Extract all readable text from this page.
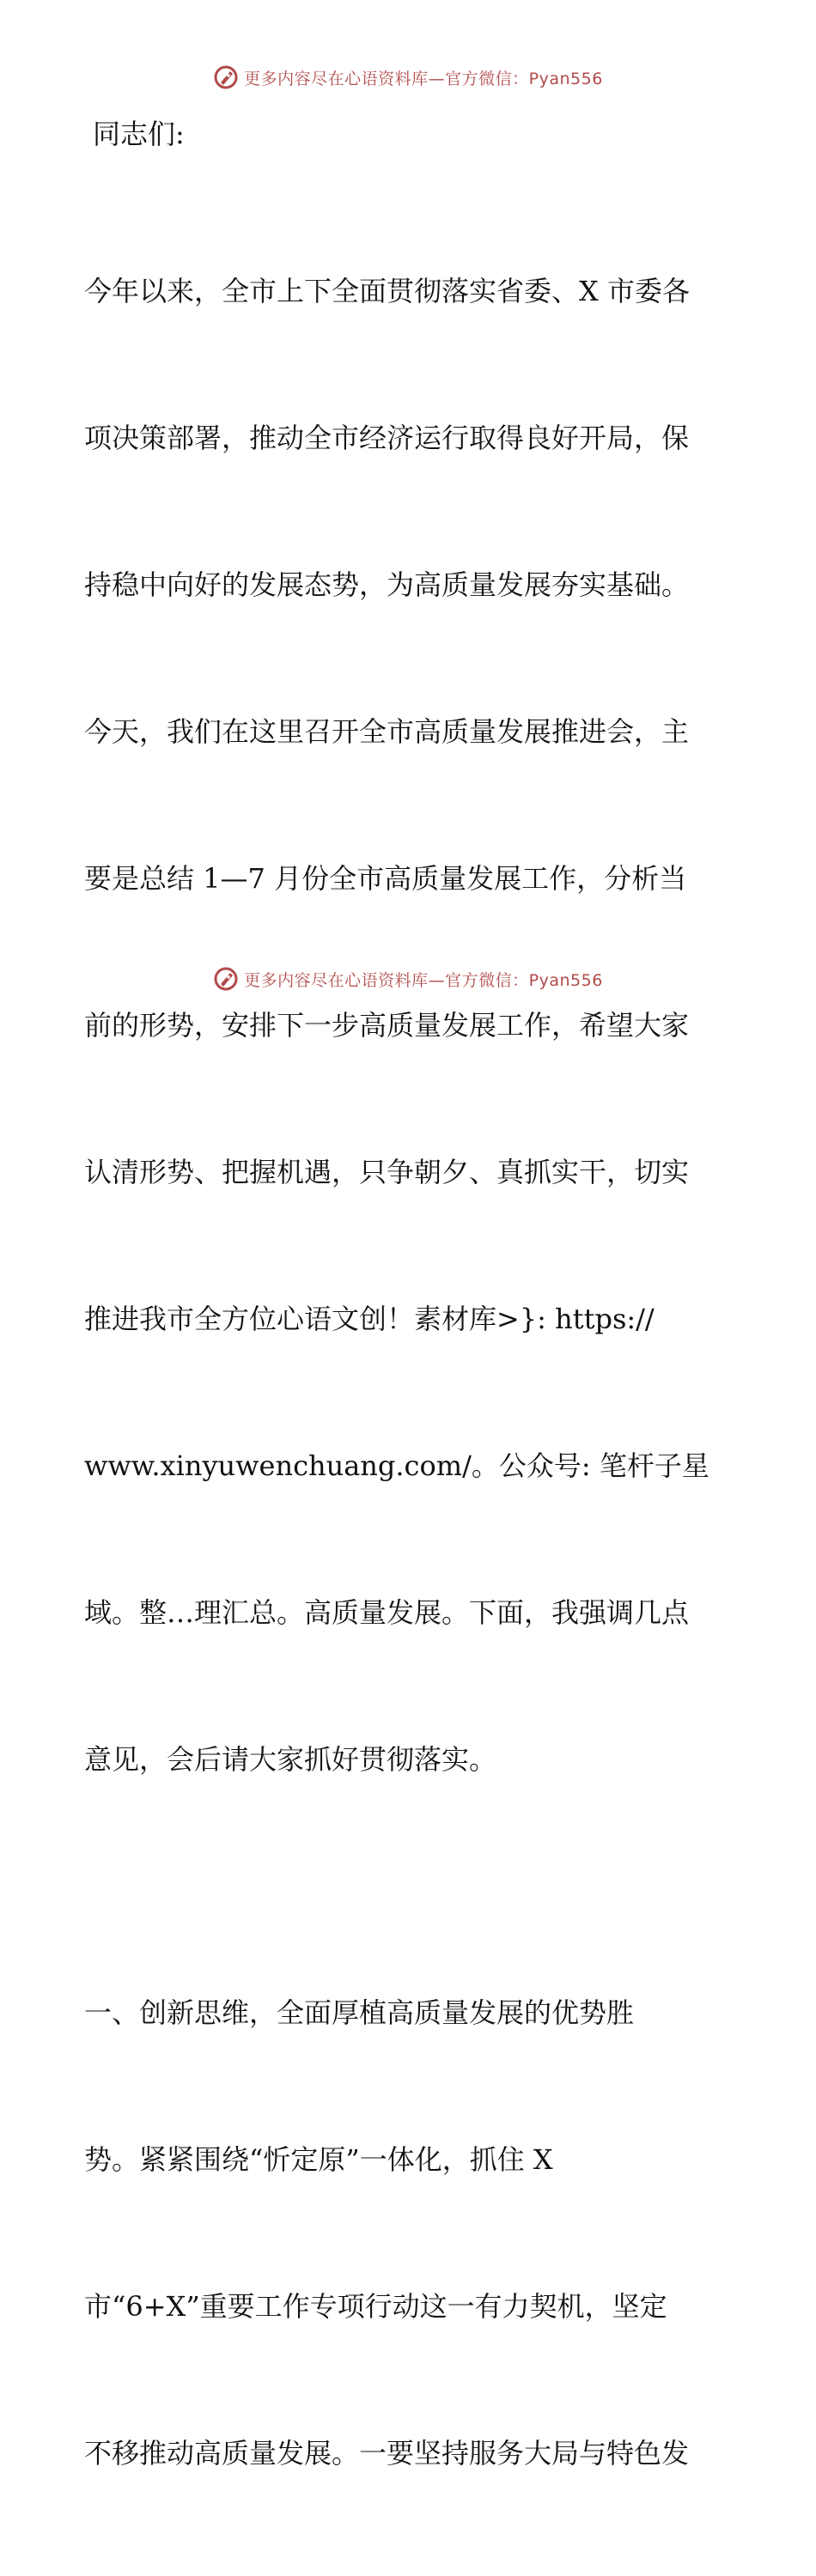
更多内容尽在心语资料库—官方微信：Pyan556

同志们:

今年以来，全市上下全面贯彻落实省委、X 市委各

项决策部署，推动全市经济运行取得良好开局，保

持稳中向好的发展态势，为高质量发展夯实基础。

今天，我们在这里召开全市高质量发展推进会，主

要是总结 1—7 月份全市高质量发展工作，分析当

前的形势，安排下一步高质量发展工作，希望大家

认清形势、把握机遇，只争朝夕、真抓实干，切实

推进我市全方位心语文创！素材库>}: https://

www.xinyuwenchuang.com/。公众号: 笔杆子星

域。整…理汇总。高质量发展。下面，我强调几点

意见，会后请大家抓好贯彻落实。

一、创新思维，全面厚植高质量发展的优势胜

势。紧紧围绕“忻定原”一体化，抓住 X

市“6+X”重要工作专项行动这一有力契机，坚定

不移推动高质量发展。一要坚持服务大局与特色发

更多内容尽在心语资料库—官方微信：Pyan556
